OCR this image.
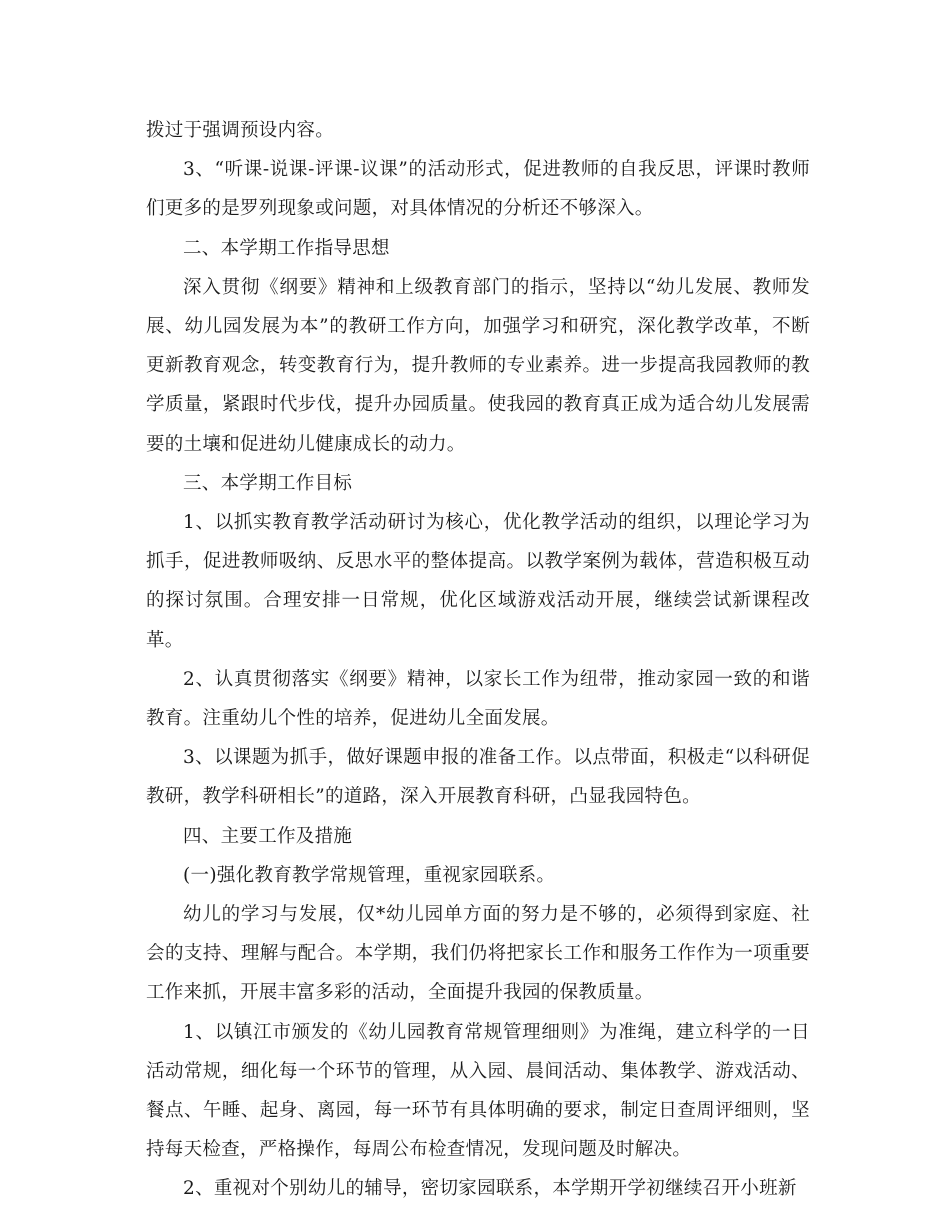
拨过于强调预设内容。

3、“听课-说课-评课-议课”的活动形式，促进教师的自我反思，评课时教师们更多的是罗列现象或问题，对具体情况的分析还不够深入。

二、本学期工作指导思想

深入贯彻《纲要》精神和上级教育部门的指示，坚持以“幼儿发展、教师发展、幼儿园发展为本”的教研工作方向，加强学习和研究，深化教学改革，不断更新教育观念，转变教育行为，提升教师的专业素养。进一步提高我园教师的教学质量，紧跟时代步伐，提升办园质量。使我园的教育真正成为适合幼儿发展需要的土壤和促进幼儿健康成长的动力。

三、本学期工作目标

1、以抓实教育教学活动研讨为核心，优化教学活动的组织，以理论学习为抓手，促进教师吸纳、反思水平的整体提高。以教学案例为载体，营造积极互动的探讨氛围。合理安排一日常规，优化区域游戏活动开展，继续尝试新课程改革。

2、认真贯彻落实《纲要》精神，以家长工作为纽带，推动家园一致的和谐教育。注重幼儿个性的培养，促进幼儿全面发展。

3、以课题为抓手，做好课题申报的准备工作。以点带面，积极走“以科研促教研，教学科研相长”的道路，深入开展教育科研，凸显我园特色。

四、主要工作及措施

(一)强化教育教学常规管理，重视家园联系。

幼儿的学习与发展，仅*幼儿园单方面的努力是不够的，必须得到家庭、社会的支持、理解与配合。本学期，我们仍将把家长工作和服务工作作为一项重要工作来抓，开展丰富多彩的活动，全面提升我园的保教质量。

1、以镇江市颁发的《幼儿园教育常规管理细则》为准绳，建立科学的一日活动常规，细化每一个环节的管理，从入园、晨间活动、集体教学、游戏活动、餐点、午睡、起身、离园，每一环节有具体明确的要求，制定日查周评细则，坚持每天检查，严格操作，每周公布检查情况，发现问题及时解决。

2、重视对个别幼儿的辅导，密切家园联系，本学期开学初继续召开小班新
